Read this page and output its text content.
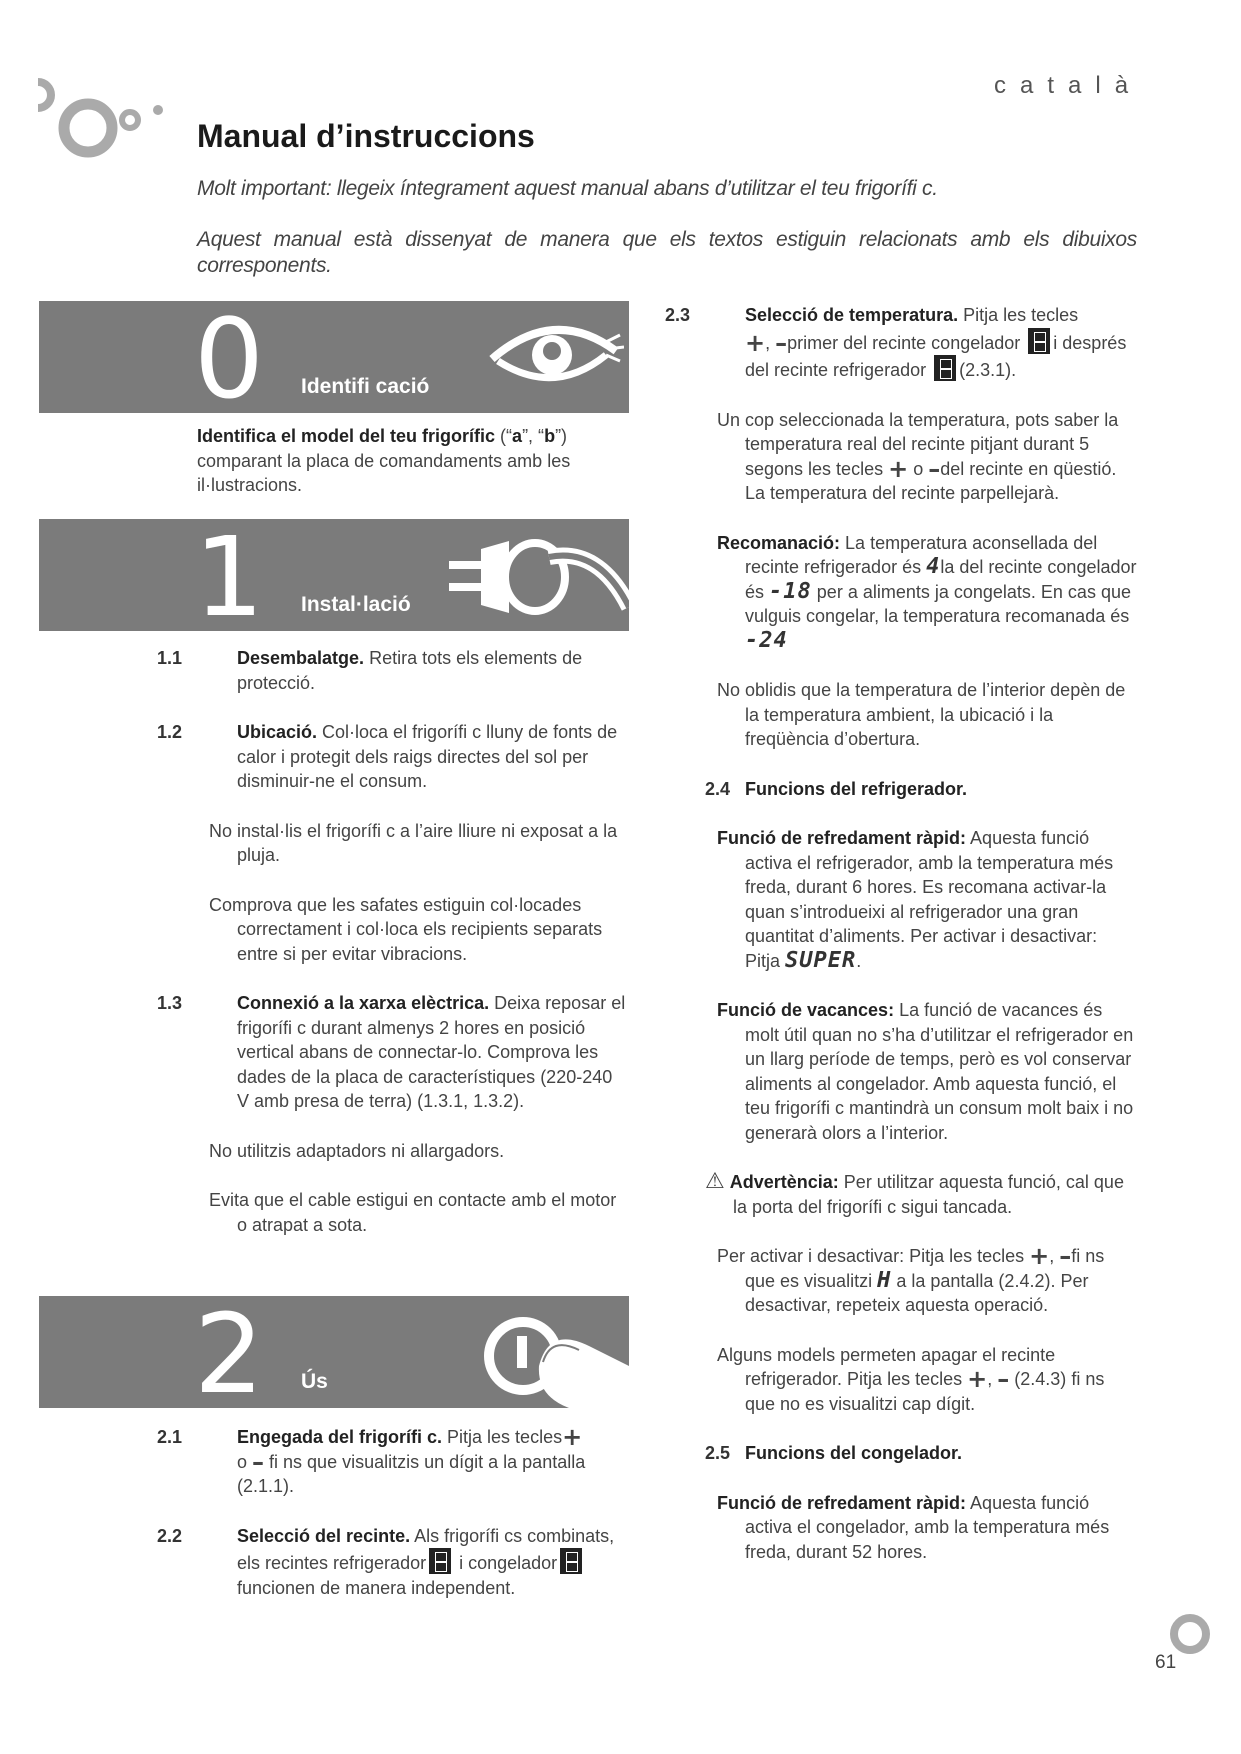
català
Manual d’instruccions
Molt important: llegeix íntegrament aquest manual abans d’utilitzar el teu frigorífi c.
Aquest manual està dissenyat de manera que els textos estiguin relacionats amb els dibuixos corresponents.
0 Identifi cació
1 Instal·lació
2 Ús
Identifica el model del teu frigorífic (“a”, “b”)
comparant la placa de comandaments amb les
il·lustracions.
1.1	Desembalatge. Retira tots els elements de protecció.
1.2	Ubicació. Col·loca el frigorífi c lluny de fonts de calor i protegit dels raigs directes del sol per disminuir-ne el consum.
No instal·lis el frigorífi c a l’aire lliure ni exposat a la pluja.
Comprova que les safates estiguin col·locades correctament i col·loca els recipients separats entre si per evitar vibracions.
1.3	Connexió a la xarxa elèctrica. Deixa reposar el frigorífi c durant almenys 2 hores en posició vertical abans de connectar-lo. Comprova les dades de la placa de característiques (220-240 V amb presa de terra) (1.3.1, 1.3.2).
No utilitzis adaptadors ni allargadors.
Evita que el cable estigui en contacte amb el motor o atrapat a sota.
2.1	Engegada del frigorífi c. Pitja les tecles+
o – fi ns que visualitzis un dígit a la pantalla (2.1.1).
2.2	Selecció del recinte. Als frigorífi cs combinats, els recintes refrigerador i congeladorfuncionen de manera independent.
2.3	Selecció de temperatura. Pitja les tecles
+, –primer del recinte congelador i després del recinte refrigerador (2.3.1).
Un cop seleccionada la temperatura, pots saber la temperatura real del recinte pitjant durant 5 segons les tecles + o –del recinte en qüestió. La temperatura del recinte parpellejarà.
Recomanació: La temperatura aconsellada del recinte refrigerador és 4la del recinte congelador és -18 per a aliments ja congelats. En cas que vulguis congelar, la temperatura recomanada és -24
No oblidis que la temperatura de l’interior depèn de la temperatura ambient, la ubicació i la freqüència d’obertura.
2.4 Funcions del refrigerador.
Funció de refredament ràpid: Aquesta funció activa el refrigerador, amb la temperatura més freda, durant 6 hores. Es recomana activar-la quan s’introdueixi al refrigerador una gran quantitat d’aliments. Per activar i desactivar: Pitja SUPER.
Funció de vacances: La funció de vacances és molt útil quan no s’ha d’utilitzar el refrigerador en un llarg període de temps, però es vol conservar aliments al congelador. Amb aquesta funció, el teu frigorífi c mantindrà un consum molt baix i no generarà olors a l’interior.
⚠ Advertència: Per utilitzar aquesta funció, cal que la porta del frigorífi c sigui tancada.
Per activar i desactivar: Pitja les tecles +, –fi ns que es visualitzi H a la pantalla (2.4.2). Per desactivar, repeteix aquesta operació.
Alguns models permeten apagar el recinte refrigerador. Pitja les tecles +, – (2.4.3) fi ns que no es visualitzi cap dígit.
2.5 Funcions del congelador.
Funció de refredament ràpid: Aquesta funció activa el congelador, amb la temperatura més freda, durant 52 hores.
61
